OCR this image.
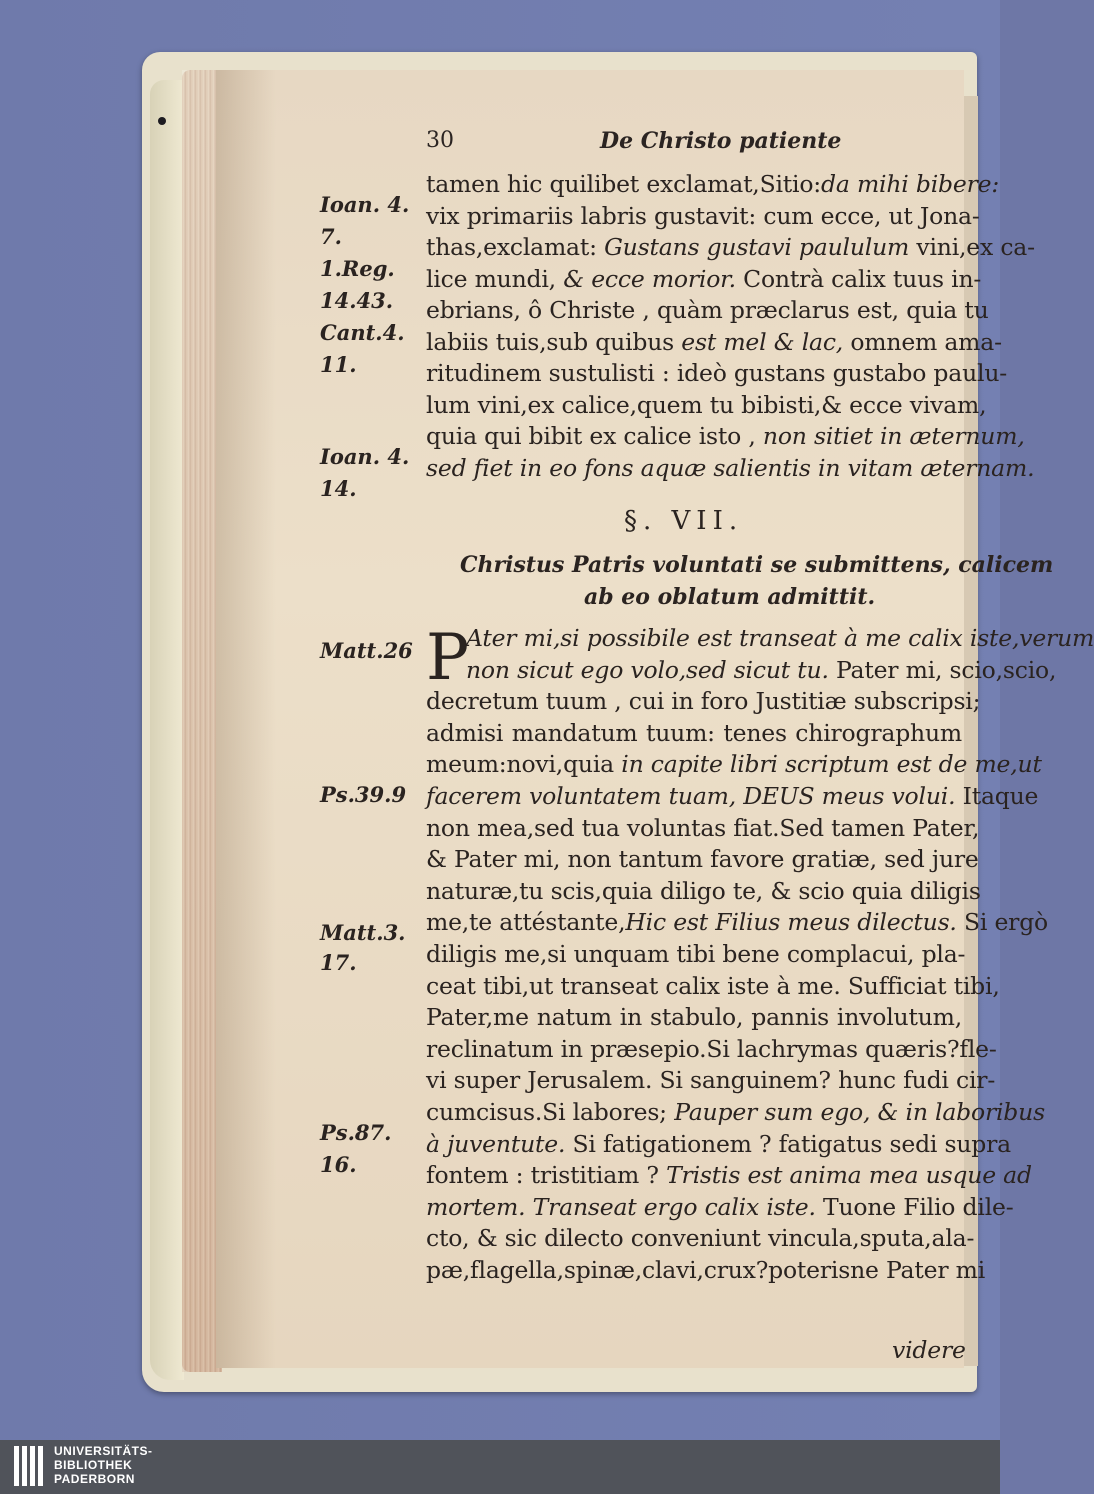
30	De Christo patiente
tamen hic quilibet exclamat,Sitio:da mihi bibere:
vix primariis labris gustavit: cum ecce, ut Jona-
thas,exclamat: Gustans gustavi paululum vini,ex ca-
lice mundi, & ecce morior. Contrà calix tuus in-
ebrians, ô Christe , quàm præclarus est, quia tu
labiis tuis,sub quibus est mel & lac, omnem ama-
ritudinem sustulisti : ideò gustans gustabo paulu-
lum vini,ex calice,quem tu bibisti,& ecce vivam,
quia qui bibit ex calice isto , non sitiet in æternum,
sed fiet in eo fons aquæ salientis in vitam æternam.
§. VII.
Christus Patris voluntati se submittens, calicem
ab eo oblatum admittit.
P
Ater mi,si possibile est transeat à me calix iste,verum
non sicut ego volo,sed sicut tu. Pater mi, scio,scio,
decretum tuum , cui in foro Justitiæ subscripsi;
admisi mandatum tuum: tenes chirographum
meum:novi,quia in capite libri scriptum est de me,ut
facerem voluntatem tuam, DEUS meus volui. Itaque
non mea,sed tua voluntas fiat.Sed tamen Pater,
& Pater mi, non tantum favore gratiæ, sed jure
naturæ,tu scis,quia diligo te, & scio quia diligis
me,te attéstante,Hic est Filius meus dilectus. Si ergò
diligis me,si unquam tibi bene complacui, pla-
ceat tibi,ut transeat calix iste à me. Sufficiat tibi,
Pater,me natum in stabulo, pannis involutum,
reclinatum in præsepio.Si lachrymas quæris?fle-
vi super Jerusalem. Si sanguinem? hunc fudi cir-
cumcisus.Si labores; Pauper sum ego, & in laboribus
à juventute. Si fatigationem ? fatigatus sedi supra
fontem : tristitiam ? Tristis est anima mea usque ad
mortem. Transeat ergo calix iste. Tuone Filio dile-
cto, & sic dilecto conveniunt vincula,sputa,ala-
pæ,flagella,spinæ,clavi,crux?poterisne Pater mi
videre
Ioan. 4.
7.
1.Reg.
14.43.
Cant.4.
11.
Ioan. 4.
14.
Matt.26
Ps.39.9
Matt.3.
17.
Ps.87.
16.
UNIVERSITÄTS-
BIBLIOTHEK
PADERBORN
